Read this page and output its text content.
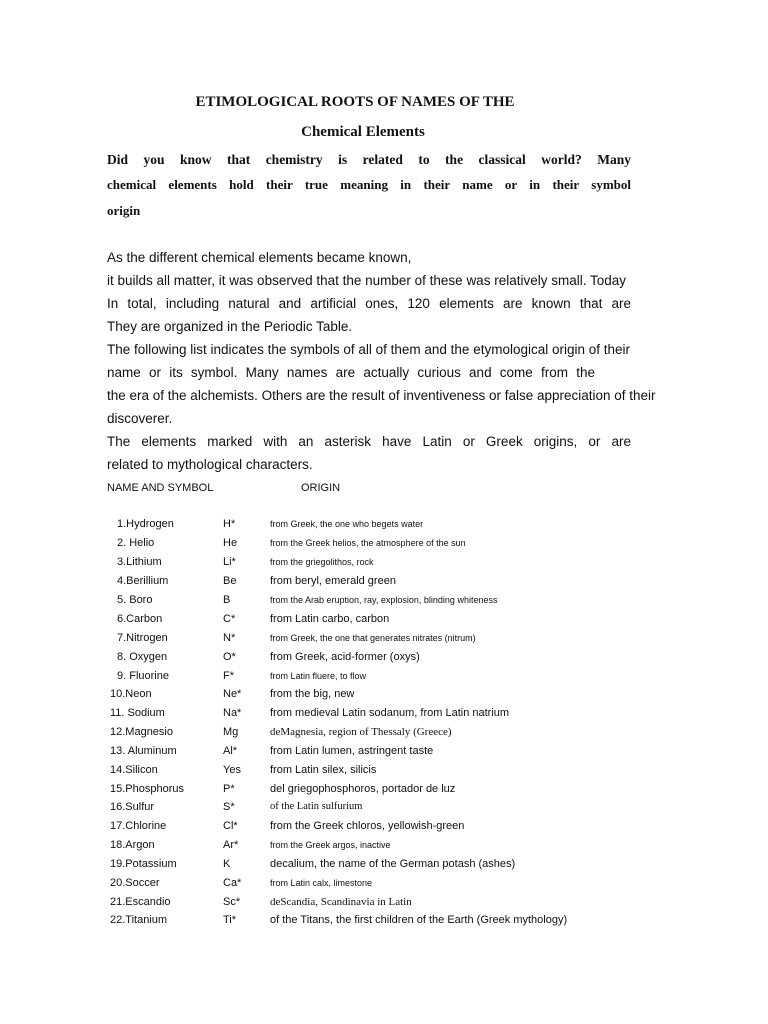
ETIMOLOGICAL ROOTS OF NAMES OF THE
Chemical Elements
Did you know that chemistry is related to the classical world? Many
chemical elements hold their true meaning in their name or in their symbol
origin
As the different chemical elements became known,
it builds all matter, it was observed that the number of these was relatively small. Today
In total, including natural and artificial ones, 120 elements are known that are
They are organized in the Periodic Table.
The following list indicates the symbols of all of them and the etymological origin of their
name or its symbol. Many names are actually curious and come from the
the era of the alchemists. Others are the result of inventiveness or false appreciation of their
discoverer.
The elements marked with an asterisk have Latin or Greek origins, or are
related to mythological characters.
NAME AND SYMBOL	ORIGIN
1.Hydrogen	H*	from Greek, the one who begets water
2. Helio	He	from the Greek helios, the atmosphere of the sun
3.Lithium	Li*	from the griegolithos, rock
4.Berillium	Be	from beryl, emerald green
5. Boro	B	from the Arab eruption, ray, explosion, blinding whiteness
6.Carbon	C*	from Latin carbo, carbon
7.Nitrogen	N*	from Greek, the one that generates nitrates (nitrum)
8. Oxygen	O*	from Greek, acid-former (oxys)
9. Fluorine	F*	from Latin fluere, to flow
10.Neon	Ne*	from the big, new
11. Sodium	Na*	from medieval Latin sodanum, from Latin natrium
12.Magnesio	Mg	deMagnesia, region of Thessaly (Greece)
13. Aluminum	Al*	from Latin lumen, astringent taste
14.Silicon	Yes	from Latin silex, silicis
15.Phosphorus	P*	del griegophosphoros, portador de luz
16.Sulfur	S*	of the Latin sulfurium
17.Chlorine	Cl*	from the Greek chloros, yellowish-green
18.Argon	Ar*	from the Greek argos, inactive
19.Potassium	K	decalium, the name of the German potash (ashes)
20.Soccer	Ca*	from Latin calx, limestone
21.Escandio	Sc*	deScandia, Scandinavia in Latin
22.Titanium	Ti*	of the Titans, the first children of the Earth (Greek mythology)
